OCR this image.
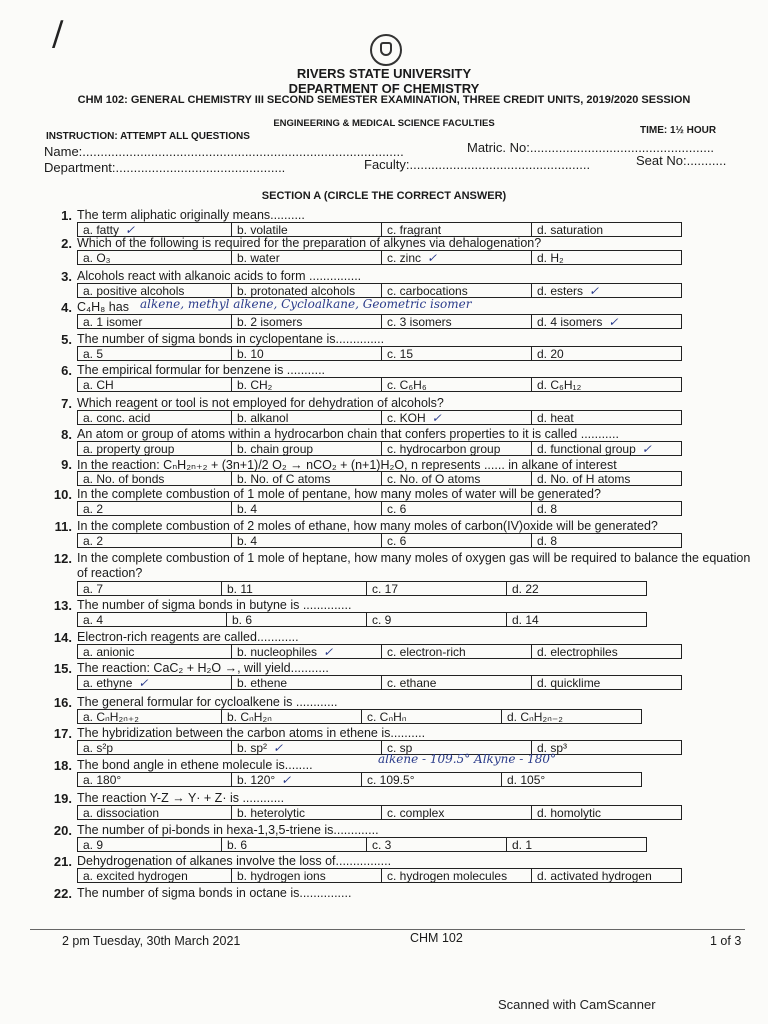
/
RIVERS STATE UNIVERSITY
DEPARTMENT OF CHEMISTRY
CHM 102: GENERAL CHEMISTRY III SECOND SEMESTER EXAMINATION, THREE CREDIT UNITS, 2019/2020 SESSION
ENGINEERING & MEDICAL SCIENCE FACULTIES
INSTRUCTION: ATTEMPT ALL QUESTIONS
TIME: 1½ HOUR
Name:.........................................................................................	Matric. No:...................................................
Department:...............................................	Faculty:..................................................	Seat No:...........
SECTION A (CIRCLE THE CORRECT ANSWER)
1. The term aliphatic originally means..........
a. fatty ✓	b. volatile	c. fragrant	d. saturation
2. Which of the following is required for the preparation of alkynes via dehalogenation?
a. O₃	b. water	c. zinc ✓	d. H₂
3. Alcohols react with alkanoic acids to form ...............
a. positive alcohols	b. protonated alcohols	c. carbocations	d. esters ✓
4. C₄H₈ has
a. 1 isomer	b. 2 isomers	c. 3 isomers	d. 4 isomers ✓
5. The number of sigma bonds in cyclopentane is..............
a. 5	b. 10	c. 15	d. 20
6. The empirical formular for benzene is ...........
a. CH	b. CH₂	c. C₆H₆	d. C₆H₁₂
7. Which reagent or tool is not employed for dehydration of alcohols?
a. conc. acid	b. alkanol	c. KOH ✓	d. heat
8. An atom or group of atoms within a hydrocarbon chain that confers properties to it is called ...........
a. property group	b. chain group	c. hydrocarbon group	d. functional group ✓
9. In the reaction: CₙH₂ₙ₊₂ + (3n+1)/2 O₂ → nCO₂ + (n+1)H₂O, n represents ...... in alkane of interest
a. No. of bonds	b. No. of C atoms	c. No. of O atoms	d. No. of H atoms
10. In the complete combustion of 1 mole of pentane, how many moles of water will be generated?
a. 2	b. 4	c. 6	d. 8
11. In the complete combustion of 2 moles of ethane, how many moles of carbon(IV)oxide will be generated?
a. 2	b. 4	c. 6	d. 8
12. In the complete combustion of 1 mole of heptane, how many moles of oxygen gas will be required to balance the equation
of reaction?
a. 7	b. 11	c. 17	d. 22
13. The number of sigma bonds in butyne is ..............
a. 4	b. 6	c. 9	d. 14
14. Electron-rich reagents are called............
a. anionic	b. nucleophiles ✓	c. electron-rich	d. electrophiles
15. The reaction: CaC₂ + H₂O →, will yield...........
a. ethyne ✓	b. ethene	c. ethane	d. quicklime
16. The general formular for cycloalkene is ............
a. CₙH₂ₙ₊₂	b. CₙH₂ₙ	c. CₙHₙ	d. CₙH₂ₙ₋₂
17. The hybridization between the carbon atoms in ethene is..........
a. s²p	b. sp² ✓	c. sp	d. sp³
18. The bond angle in ethene molecule is........
a. 180°	b. 120° ✓	c. 109.5°	d. 105°
19. The reaction Y-Z → Y· + Z· is ............
a. dissociation	b. heterolytic	c. complex	d. homolytic
20. The number of pi-bonds in hexa-1,3,5-triene is.............
a. 9	b. 6	c. 3	d. 1
21. Dehydrogenation of alkanes involve the loss of................
a. excited hydrogen	b. hydrogen ions	c. hydrogen molecules	d. activated hydrogen
22. The number of sigma bonds in octane is...............
alkene, methyl alkene, Cycloalkane, Geometric isomer
alkene - 109.5° Alkyne - 180°
2 pm Tuesday, 30th March 2021	CHM 102	1 of 3
Scanned with CamScanner
